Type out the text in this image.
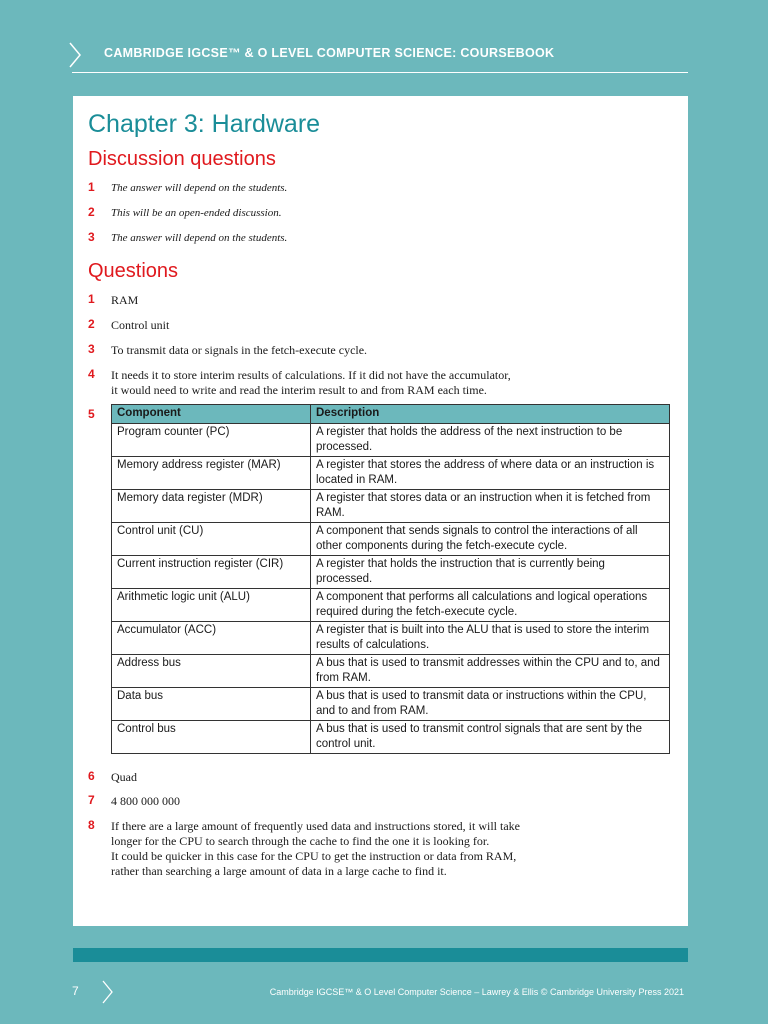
CAMBRIDGE IGCSE™ & O LEVEL COMPUTER SCIENCE: COURSEBOOK
Chapter 3: Hardware
Discussion questions
1 The answer will depend on the students.
2 This will be an open-ended discussion.
3 The answer will depend on the students.
Questions
1 RAM
2 Control unit
3 To transmit data or signals in the fetch-execute cycle.
4 It needs it to store interim results of calculations. If it did not have the accumulator,
it would need to write and read the interim result to and from RAM each time.
5 Component	Description
Program counter (PC)	A register that holds the address of the next instruction to be processed.
Memory address register (MAR)	A register that stores the address of where data or an instruction is located in RAM.
Memory data register (MDR)	A register that stores data or an instruction when it is fetched from RAM.
Control unit (CU)	A component that sends signals to control the interactions of all other components during the fetch-execute cycle.
Current instruction register (CIR)	A register that holds the instruction that is currently being processed.
Arithmetic logic unit (ALU)	A component that performs all calculations and logical operations required during the fetch-execute cycle.
Accumulator (ACC)	A register that is built into the ALU that is used to store the interim results of calculations.
Address bus	A bus that is used to transmit addresses within the CPU and to, and from RAM.
Data bus	A bus that is used to transmit data or instructions within the CPU, and to and from RAM.
Control bus	A bus that is used to transmit control signals that are sent by the control unit.
6 Quad
7 4 800 000 000
8 If there are a large amount of frequently used data and instructions stored, it will take
longer for the CPU to search through the cache to find the one it is looking for.
It could be quicker in this case for the CPU to get the instruction or data from RAM,
rather than searching a large amount of data in a large cache to find it.
7	Cambridge IGCSE™ & O Level Computer Science – Lawrey & Ellis © Cambridge University Press 2021
